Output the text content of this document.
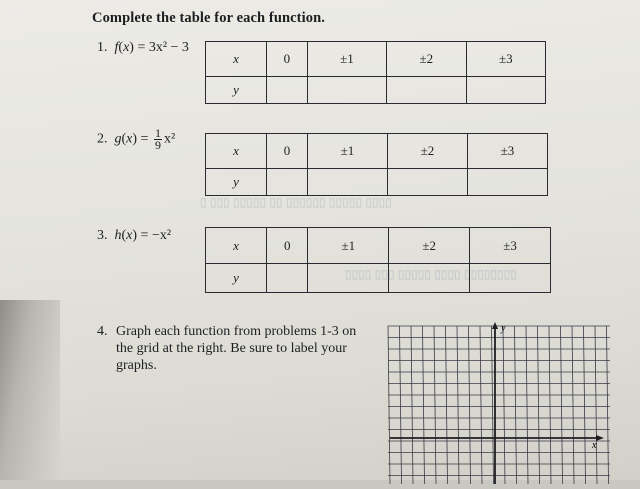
▯ ▯▯▯ ▯▯▯▯▯ ▯▯ ▯▯▯▯▯▯ ▯▯▯▯▯ ▯▯▯▯
▯▯▯▯ ▯▯▯ ▯▯▯▯▯ ▯▯▯▯ ▯▯▯▯▯▯▯▯
Complete the table for each function.
1. f(x) = 3x² − 3
x	0	±1	±2	±3
y				
2. $g(x) = \frac{1}{9} x^2$
x	0	±1	±2	±3
y				
3. h(x) = −x²
x	0	±1	±2	±3
y				
4. Graph each function from problems 1-3 on the grid at the right. Be sure to label your graphs.
y
x
